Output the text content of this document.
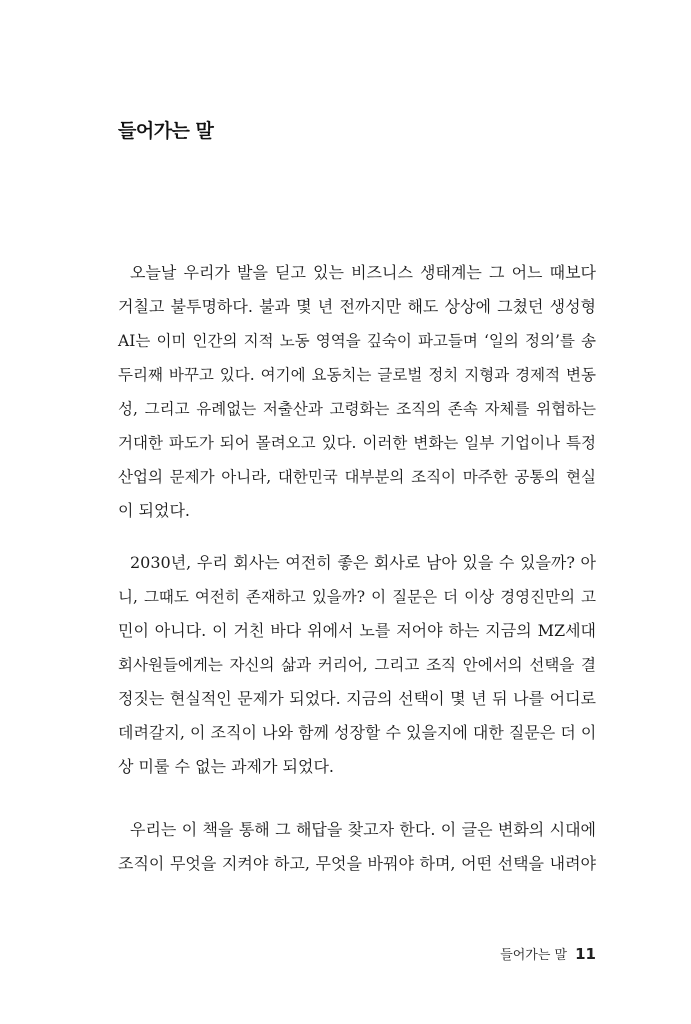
들어가는 말
오늘날 우리가 발을 딛고 있는 비즈니스 생태계는 그 어느 때보다
거칠고 불투명하다. 불과 몇 년 전까지만 해도 상상에 그쳤던 생성형
AI는 이미 인간의 지적 노동 영역을 깊숙이 파고들며 ‘일의 정의’를 송
두리째 바꾸고 있다. 여기에 요동치는 글로벌 정치 지형과 경제적 변동
성, 그리고 유례없는 저출산과 고령화는 조직의 존속 자체를 위협하는
거대한 파도가 되어 몰려오고 있다. 이러한 변화는 일부 기업이나 특정
산업의 문제가 아니라, 대한민국 대부분의 조직이 마주한 공통의 현실
이 되었다.
2030년, 우리 회사는 여전히 좋은 회사로 남아 있을 수 있을까? 아
니, 그때도 여전히 존재하고 있을까? 이 질문은 더 이상 경영진만의 고
민이 아니다. 이 거친 바다 위에서 노를 저어야 하는 지금의 MZ세대
회사원들에게는 자신의 삶과 커리어, 그리고 조직 안에서의 선택을 결
정짓는 현실적인 문제가 되었다. 지금의 선택이 몇 년 뒤 나를 어디로
데려갈지, 이 조직이 나와 함께 성장할 수 있을지에 대한 질문은 더 이
상 미룰 수 없는 과제가 되었다.
우리는 이 책을 통해 그 해답을 찾고자 한다. 이 글은 변화의 시대에
조직이 무엇을 지켜야 하고, 무엇을 바꿔야 하며, 어떤 선택을 내려야
들어가는 말 11
